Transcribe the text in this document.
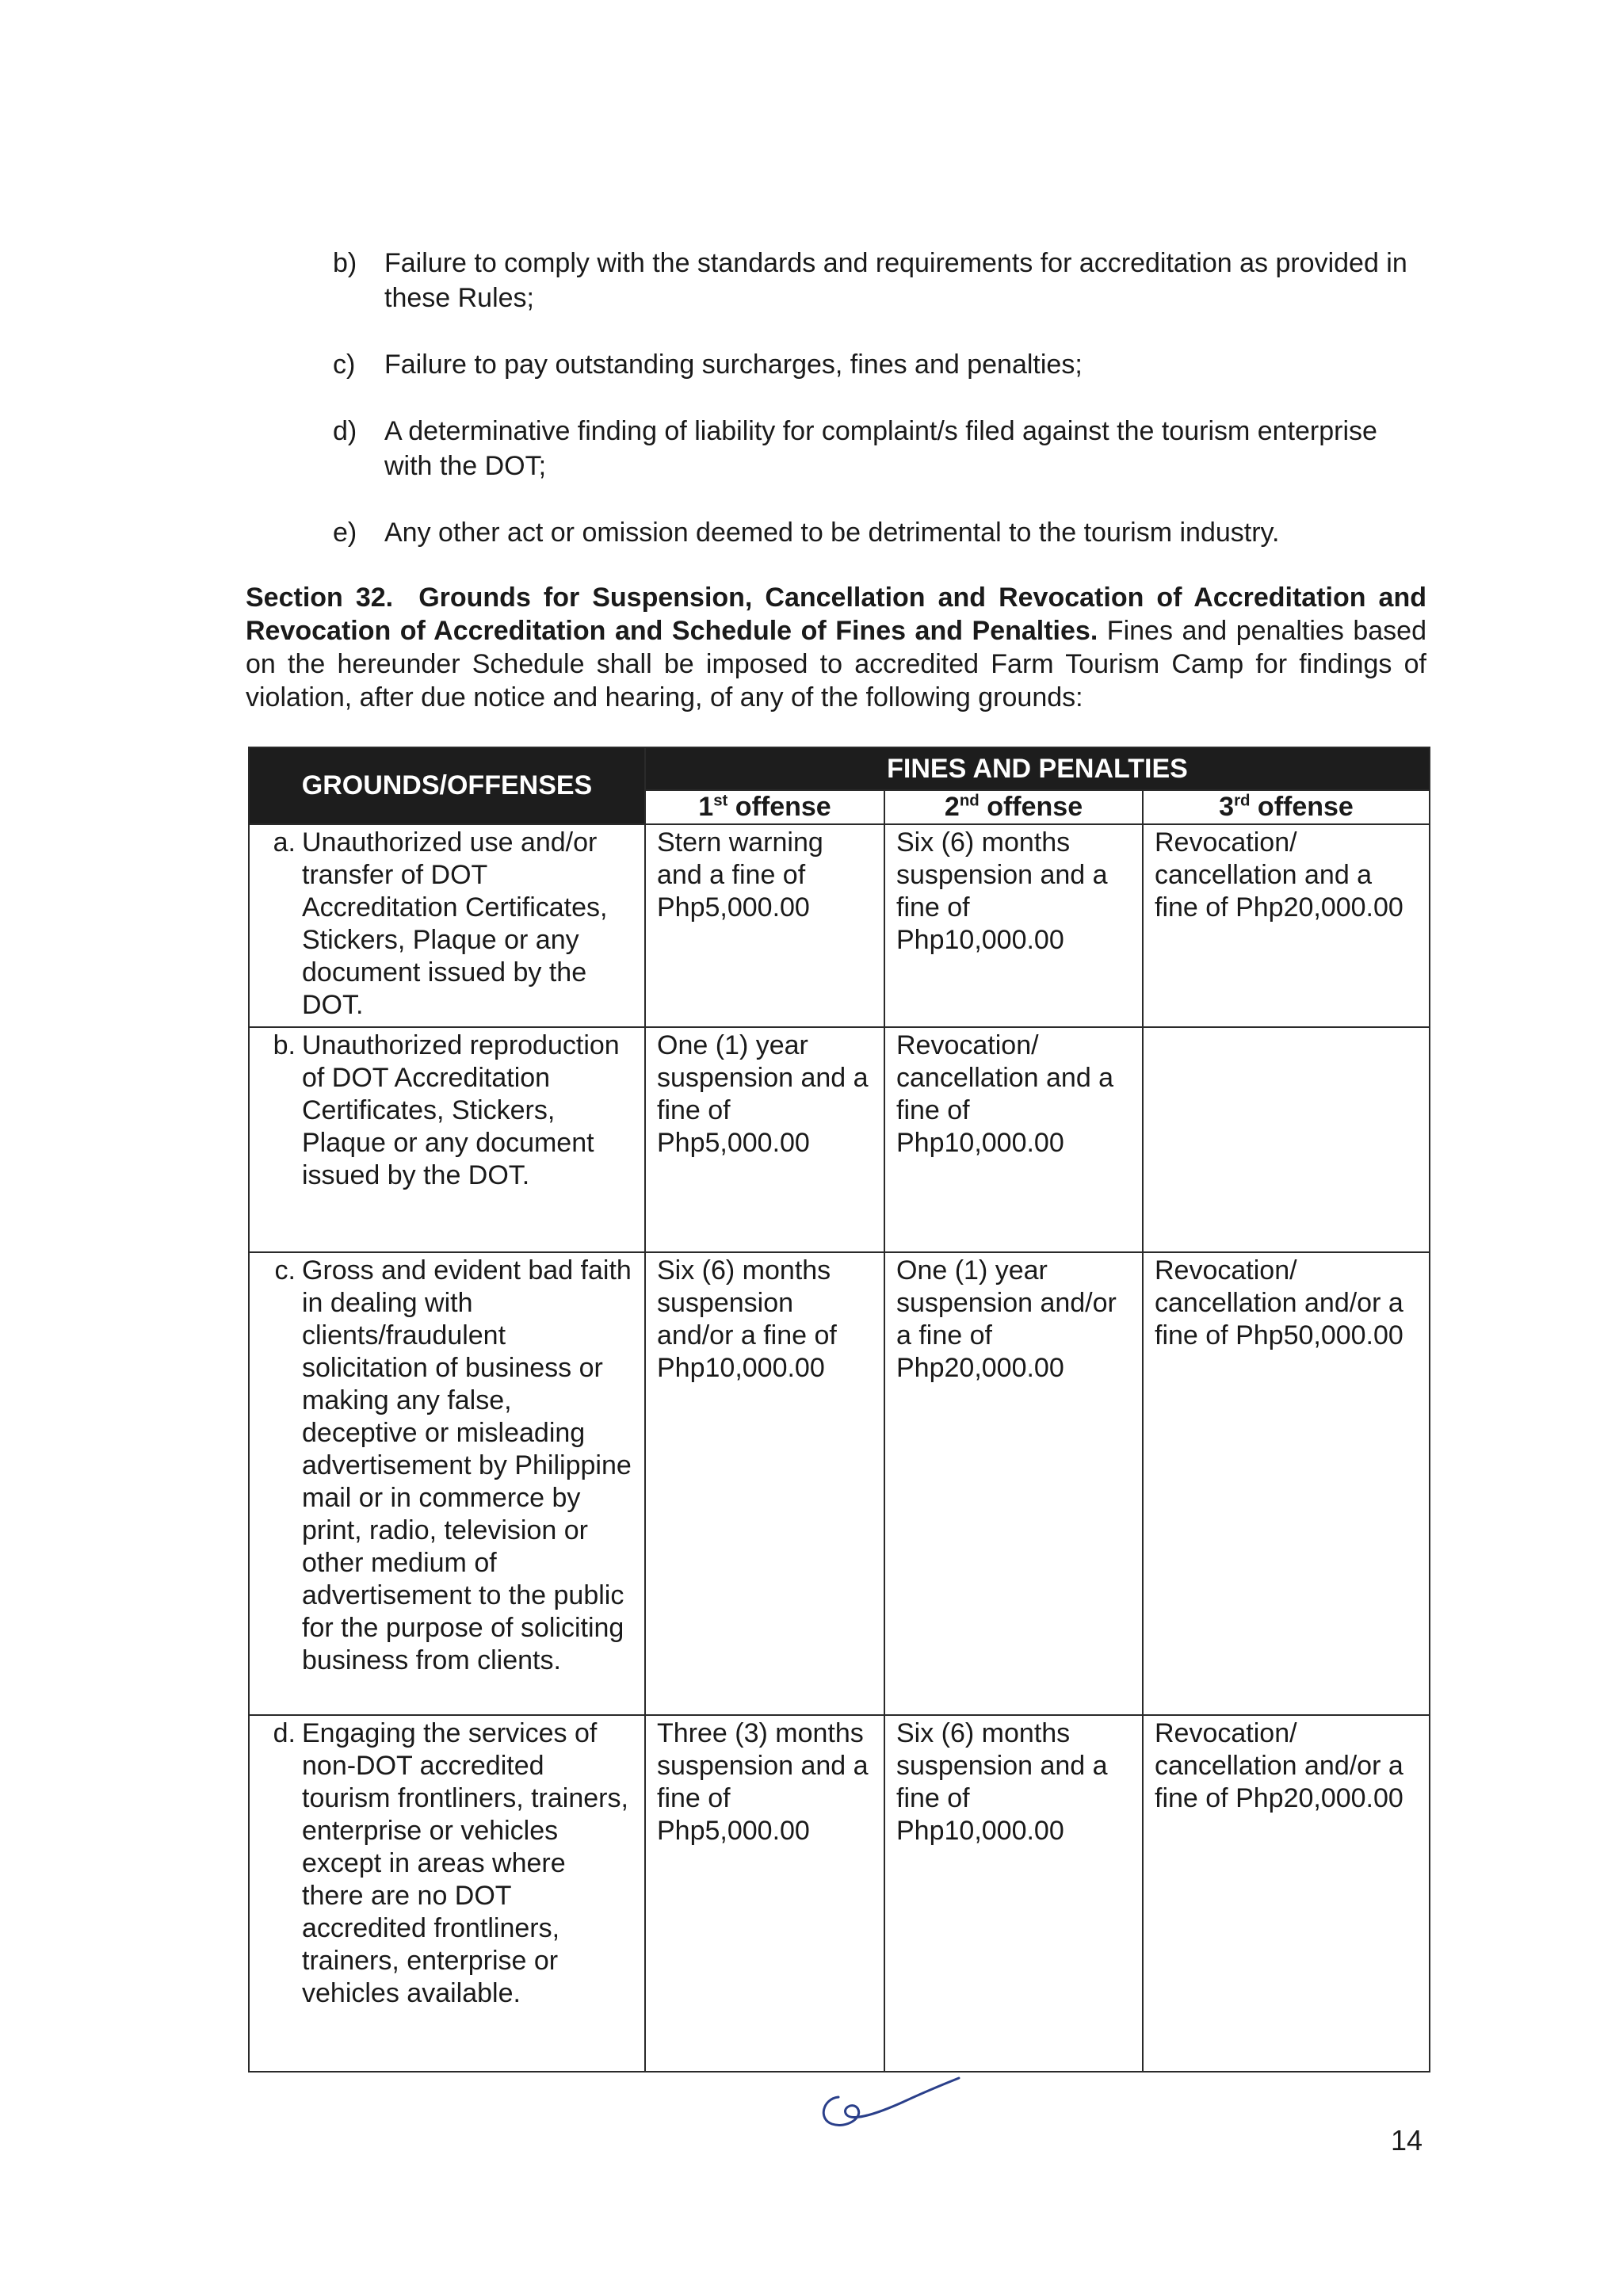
b) Failure to comply with the standards and requirements for accreditation as provided in these Rules;
c) Failure to pay outstanding surcharges, fines and penalties;
d) A determinative finding of liability for complaint/s filed against the tourism enterprise with the DOT;
e) Any other act or omission deemed to be detrimental to the tourism industry.

Section 32. Grounds for Suspension, Cancellation and Revocation of Accreditation and Revocation of Accreditation and Schedule of Fines and Penalties. Fines and penalties based on the hereunder Schedule shall be imposed to accredited Farm Tourism Camp for findings of violation, after due notice and hearing, of any of the following grounds:

GROUNDS/OFFENSES	FINES AND PENALTIES		
	1st offense	2nd offense	3rd offense

a. Unauthorized use and/or transfer of DOT Accreditation Certificates, Stickers, Plaque or any document issued by the DOT.	Stern warning and a fine of Php5,000.00	Six (6) months suspension and a fine of Php10,000.00	Revocation/ cancellation and a fine of Php20,000.00

b. Unauthorized reproduction of DOT Accreditation Certificates, Stickers, Plaque or any document issued by the DOT.	One (1) year suspension and a fine of Php5,000.00	Revocation/ cancellation and a fine of Php10,000.00	

c. Gross and evident bad faith in dealing with clients/fraudulent solicitation of business or making any false, deceptive or misleading advertisement by Philippine mail or in commerce by print, radio, television or other medium of advertisement to the public for the purpose of soliciting business from clients.	Six (6) months suspension and/or a fine of Php10,000.00	One (1) year suspension and/or a fine of Php20,000.00	Revocation/ cancellation and/or a fine of Php50,000.00

d. Engaging the services of non-DOT accredited tourism frontliners, trainers, enterprise or vehicles except in areas where there are no DOT accredited frontliners, trainers, enterprise or vehicles available.	Three (3) months suspension and a fine of Php5,000.00	Six (6) months suspension and a fine of Php10,000.00	Revocation/ cancellation and/or a fine of Php20,000.00
14
